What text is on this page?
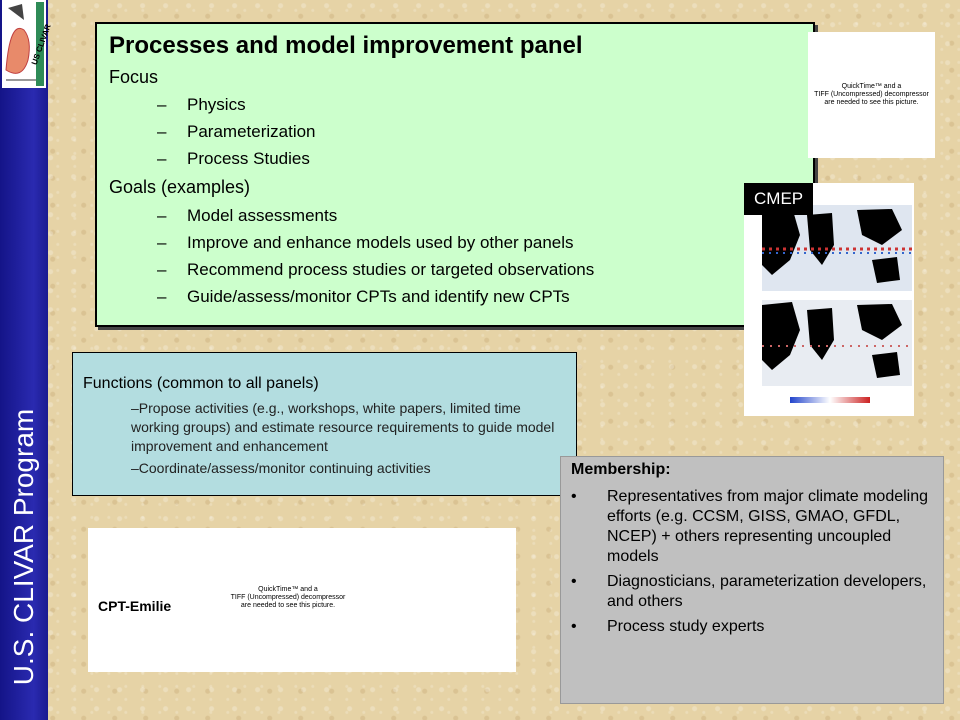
US CLIVAR
U.S. CLIVAR Program
Processes and model improvement panel
Focus
– Physics
– Parameterization
– Process Studies
Goals (examples)
– Model assessments
– Improve and enhance models used by other panels
– Recommend process studies or targeted observations
– Guide/assess/monitor CPTs and identify new CPTs
QuickTime™ and a
TIFF (Uncompressed) decompressor
are needed to see this picture.
CMEP
Functions (common to all panels)
–Propose activities (e.g., workshops, white papers, limited time working groups) and estimate resource requirements to guide model improvement and enhancement
–Coordinate/assess/monitor continuing activities
CPT-Emilie
QuickTime™ and a
TIFF (Uncompressed) decompressor
are needed to see this picture.
Membership:
•	Representatives from major climate modeling efforts (e.g. CCSM, GISS, GMAO, GFDL, NCEP) + others representing uncoupled models
•	Diagnosticians, parameterization developers, and others
•	Process study experts
